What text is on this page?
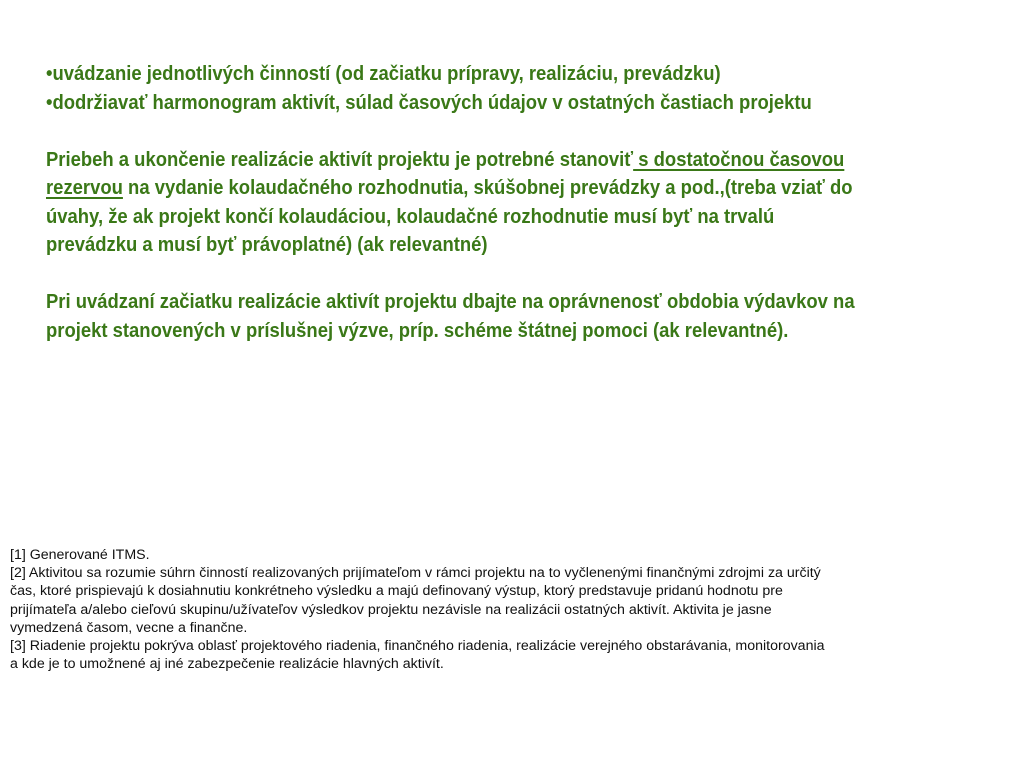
•uvádzanie jednotlivých činností (od začiatku prípravy, realizáciu, prevádzku)
•dodržiavať harmonogram aktivít, súlad časových údajov v ostatných častiach projektu
Priebeh a ukončenie realizácie aktivít projektu je potrebné stanoviť s dostatočnou časovou
rezervou na vydanie kolaudačného rozhodnutia, skúšobnej prevádzky a pod.,(treba vziať do
úvahy, že ak projekt končí kolaudáciou, kolaudačné rozhodnutie musí byť na trvalú
prevádzku a musí byť právoplatné) (ak relevantné)
Pri uvádzaní začiatku realizácie aktivít projektu dbajte na oprávnenosť obdobia výdavkov na
projekt stanovených v príslušnej výzve, príp. schéme štátnej pomoci (ak relevantné).
[1] Generované ITMS.
[2] Aktivitou sa rozumie súhrn činností realizovaných prijímateľom v rámci projektu na to vyčlenenými finančnými zdrojmi za určitý
čas, ktoré prispievajú k dosiahnutiu konkrétneho výsledku a majú definovaný výstup, ktorý predstavuje pridanú hodnotu pre
prijímateľa a/alebo cieľovú skupinu/užívateľov výsledkov projektu nezávisle na realizácii ostatných aktivít. Aktivita je jasne
vymedzená časom, vecne a finančne.
[3] Riadenie projektu pokrýva oblasť projektového riadenia, finančného riadenia, realizácie verejného obstarávania, monitorovania
a kde je to umožnené aj iné zabezpečenie realizácie hlavných aktivít.
